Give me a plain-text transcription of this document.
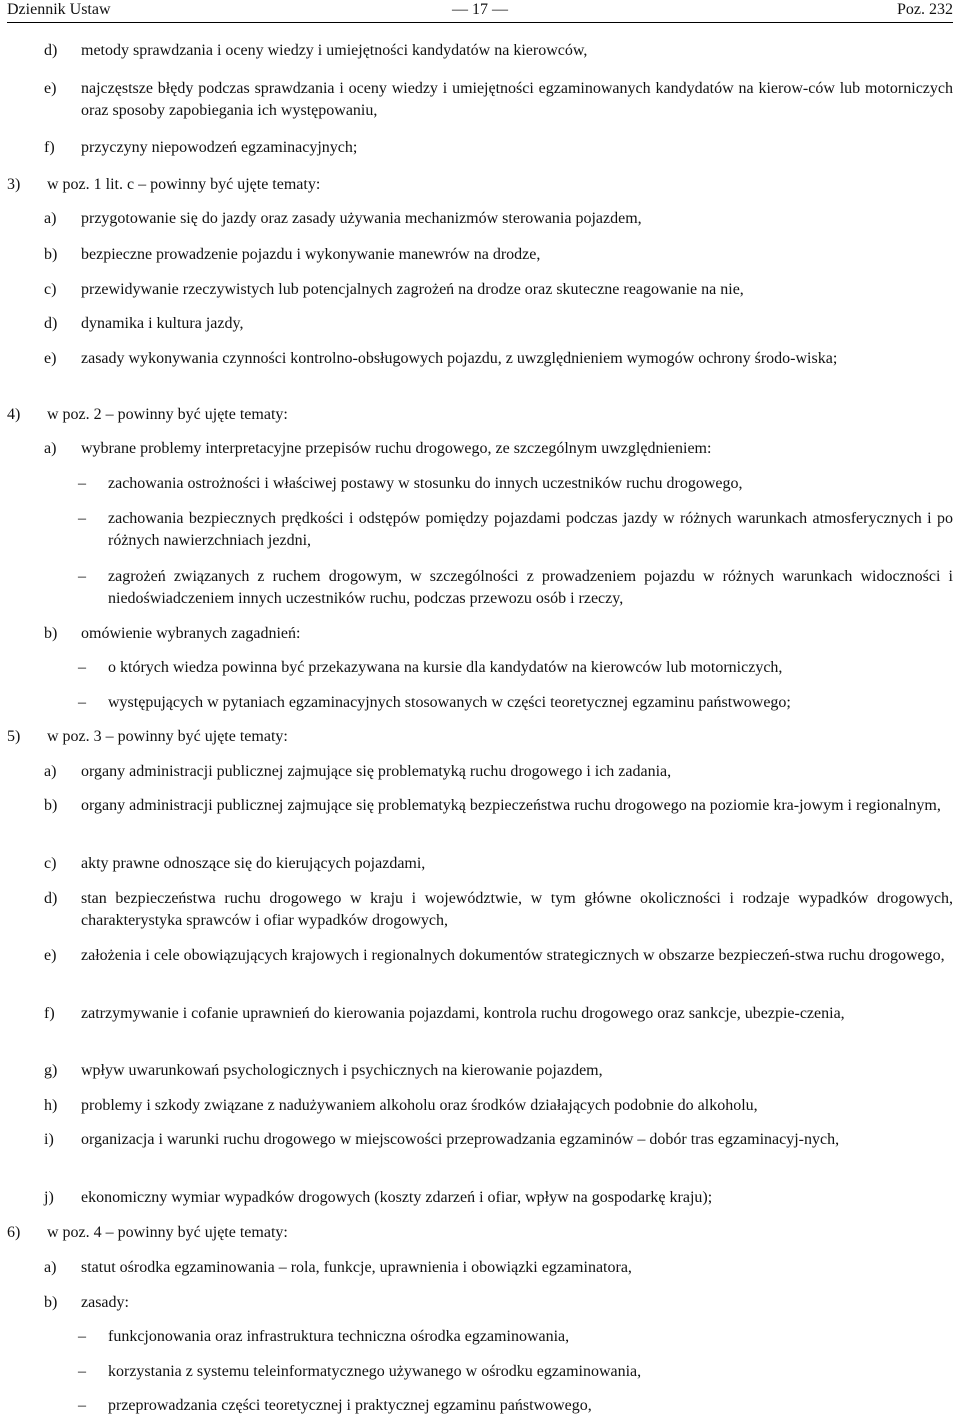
Dziennik Ustaw	— 17 —	Poz. 232
d) metody sprawdzania i oceny wiedzy i umiejętności kandydatów na kierowców,
e) najczęstsze błędy podczas sprawdzania i oceny wiedzy i umiejętności egzaminowanych kandydatów na kierow-ców lub motorniczych oraz sposoby zapobiegania ich występowaniu,
f) przyczyny niepowodzeń egzaminacyjnych;
3) w poz. 1 lit. c – powinny być ujęte tematy:
a) przygotowanie się do jazdy oraz zasady używania mechanizmów sterowania pojazdem,
b) bezpieczne prowadzenie pojazdu i wykonywanie manewrów na drodze,
c) przewidywanie rzeczywistych lub potencjalnych zagrożeń na drodze oraz skuteczne reagowanie na nie,
d) dynamika i kultura jazdy,
e) zasady wykonywania czynności kontrolno-obsługowych pojazdu, z uwzględnieniem wymogów ochrony środo-wiska;
4) w poz. 2 – powinny być ujęte tematy:
a) wybrane problemy interpretacyjne przepisów ruchu drogowego, ze szczególnym uwzględnieniem:
– zachowania ostrożności i właściwej postawy w stosunku do innych uczestników ruchu drogowego,
– zachowania bezpiecznych prędkości i odstępów pomiędzy pojazdami podczas jazdy w różnych warunkach atmosferycznych i po różnych nawierzchniach jezdni,
– zagrożeń związanych z ruchem drogowym, w szczególności z prowadzeniem pojazdu w różnych warunkach widoczności i niedoświadczeniem innych uczestników ruchu, podczas przewozu osób i rzeczy,
b) omówienie wybranych zagadnień:
– o których wiedza powinna być przekazywana na kursie dla kandydatów na kierowców lub motorniczych,
– występujących w pytaniach egzaminacyjnych stosowanych w części teoretycznej egzaminu państwowego;
5) w poz. 3 – powinny być ujęte tematy:
a) organy administracji publicznej zajmujące się problematyką ruchu drogowego i ich zadania,
b) organy administracji publicznej zajmujące się problematyką bezpieczeństwa ruchu drogowego na poziomie kra-jowym i regionalnym,
c) akty prawne odnoszące się do kierujących pojazdami,
d) stan bezpieczeństwa ruchu drogowego w kraju i województwie, w tym główne okoliczności i rodzaje wypadków drogowych, charakterystyka sprawców i ofiar wypadków drogowych,
e) założenia i cele obowiązujących krajowych i regionalnych dokumentów strategicznych w obszarze bezpieczeń-stwa ruchu drogowego,
f) zatrzymywanie i cofanie uprawnień do kierowania pojazdami, kontrola ruchu drogowego oraz sankcje, ubezpie-czenia,
g) wpływ uwarunkowań psychologicznych i psychicznych na kierowanie pojazdem,
h) problemy i szkody związane z nadużywaniem alkoholu oraz środków działających podobnie do alkoholu,
i) organizacja i warunki ruchu drogowego w miejscowości przeprowadzania egzaminów – dobór tras egzaminacyj-nych,
j) ekonomiczny wymiar wypadków drogowych (koszty zdarzeń i ofiar, wpływ na gospodarkę kraju);
6) w poz. 4 – powinny być ujęte tematy:
a) statut ośrodka egzaminowania – rola, funkcje, uprawnienia i obowiązki egzaminatora,
b) zasady:
– funkcjonowania oraz infrastruktura techniczna ośrodka egzaminowania,
– korzystania z systemu teleinformatycznego używanego w ośrodku egzaminowania,
– przeprowadzania części teoretycznej i praktycznej egzaminu państwowego,
